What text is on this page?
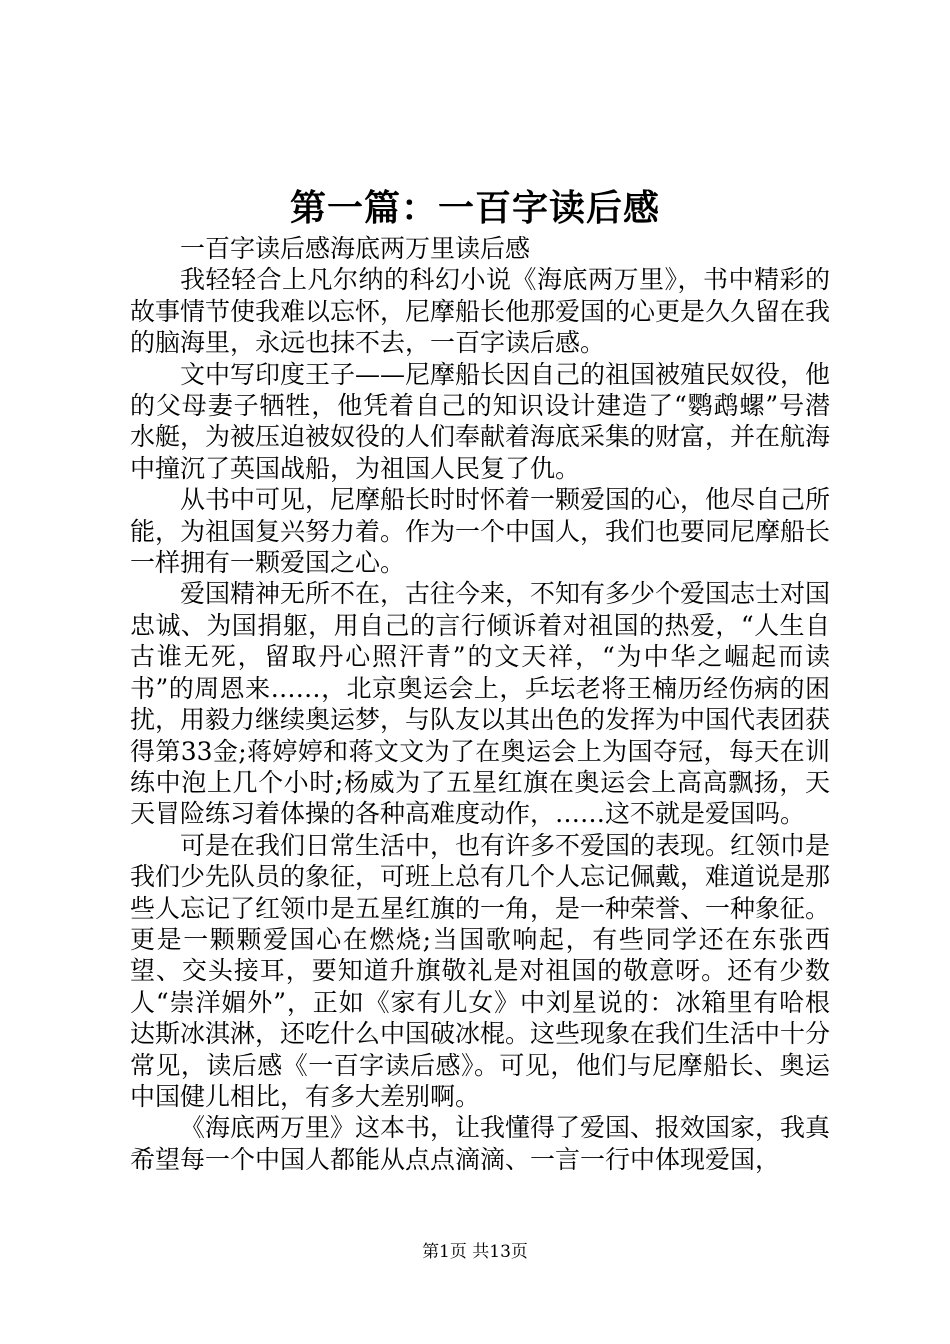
第一篇：一百字读后感

一百字读后感海底两万里读后感

我轻轻合上凡尔纳的科幻小说《海底两万里》，书中精彩的故事情节使我难以忘怀，尼摩船长他那爱国的心更是久久留在我的脑海里，永远也抹不去，一百字读后感。

文中写印度王子——尼摩船长因自己的祖国被殖民奴役，他的父母妻子牺牲，他凭着自己的知识设计建造了“鹦鹉螺”号潜水艇，为被压迫被奴役的人们奉献着海底采集的财富，并在航海中撞沉了英国战船，为祖国人民复了仇。

从书中可见，尼摩船长时时怀着一颗爱国的心，他尽自己所能，为祖国复兴努力着。作为一个中国人，我们也要同尼摩船长一样拥有一颗爱国之心。

爱国精神无所不在，古往今来，不知有多少个爱国志士对国忠诚、为国捐躯，用自己的言行倾诉着对祖国的热爱，“人生自古谁无死，留取丹心照汗青”的文天祥，“为中华之崛起而读书”的周恩来……，北京奥运会上，乒坛老将王楠历经伤病的困扰，用毅力继续奥运梦，与队友以其出色的发挥为中国代表团获得第33金;蒋婷婷和蒋文文为了在奥运会上为国夺冠，每天在训练中泡上几个小时;杨威为了五星红旗在奥运会上高高飘扬，天天冒险练习着体操的各种高难度动作，……这不就是爱国吗。

可是在我们日常生活中，也有许多不爱国的表现。红领巾是我们少先队员的象征，可班上总有几个人忘记佩戴，难道说是那些人忘记了红领巾是五星红旗的一角，是一种荣誉、一种象征。更是一颗颗爱国心在燃烧;当国歌响起，有些同学还在东张西望、交头接耳，要知道升旗敬礼是对祖国的敬意呀。还有少数人“崇洋媚外”，正如《家有儿女》中刘星说的：冰箱里有哈根达斯冰淇淋，还吃什么中国破冰棍。这些现象在我们生活中十分常见，读后感《一百字读后感》。可见，他们与尼摩船长、奥运中国健儿相比，有多大差别啊。

《海底两万里》这本书，让我懂得了爱国、报效国家，我真希望每一个中国人都能从点点滴滴、一言一行中体现爱国，

第1页 共13页
